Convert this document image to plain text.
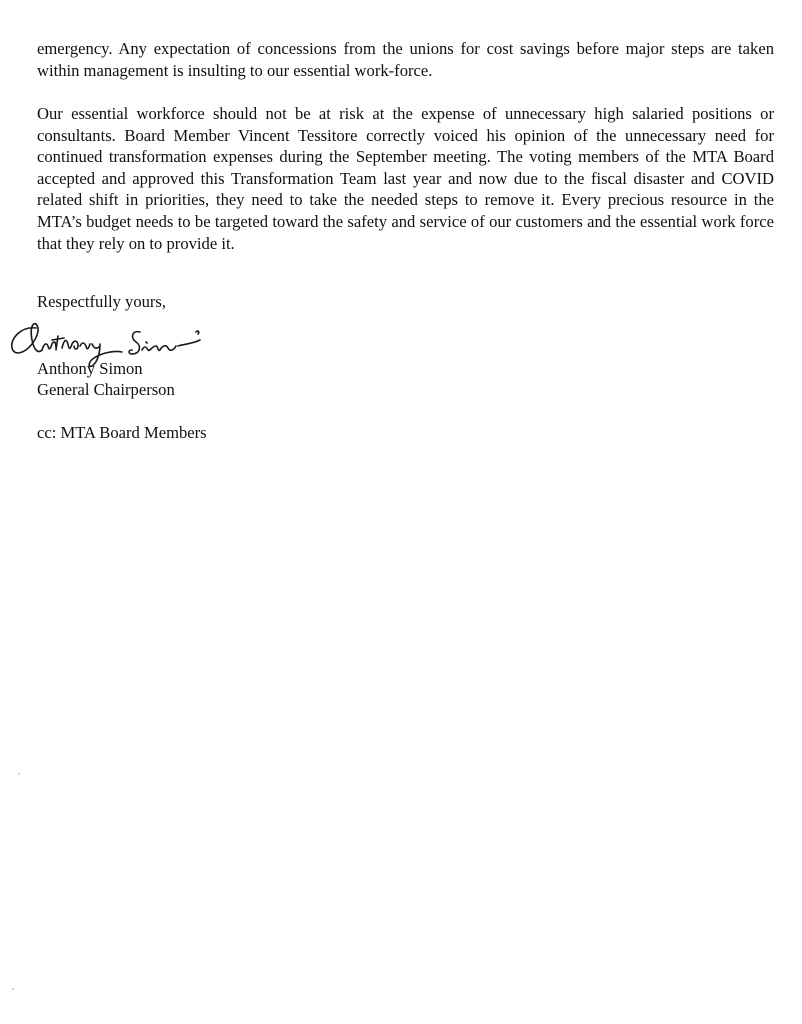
emergency. Any expectation of concessions from the unions for cost savings before major steps are taken within management is insulting to our essential work-force.

Our essential workforce should not be at risk at the expense of unnecessary high salaried positions or consultants. Board Member Vincent Tessitore correctly voiced his opinion of the unnecessary need for continued transformation expenses during the September meeting. The voting members of the MTA Board accepted and approved this Transformation Team last year and now due to the fiscal disaster and COVID related shift in priorities, they need to take the needed steps to remove it. Every precious resource in the MTA’s budget needs to be targeted toward the safety and service of our customers and the essential work force that they rely on to provide it.

Respectfully yours,

Anthony Simon

General Chairperson

cc: MTA Board Members
